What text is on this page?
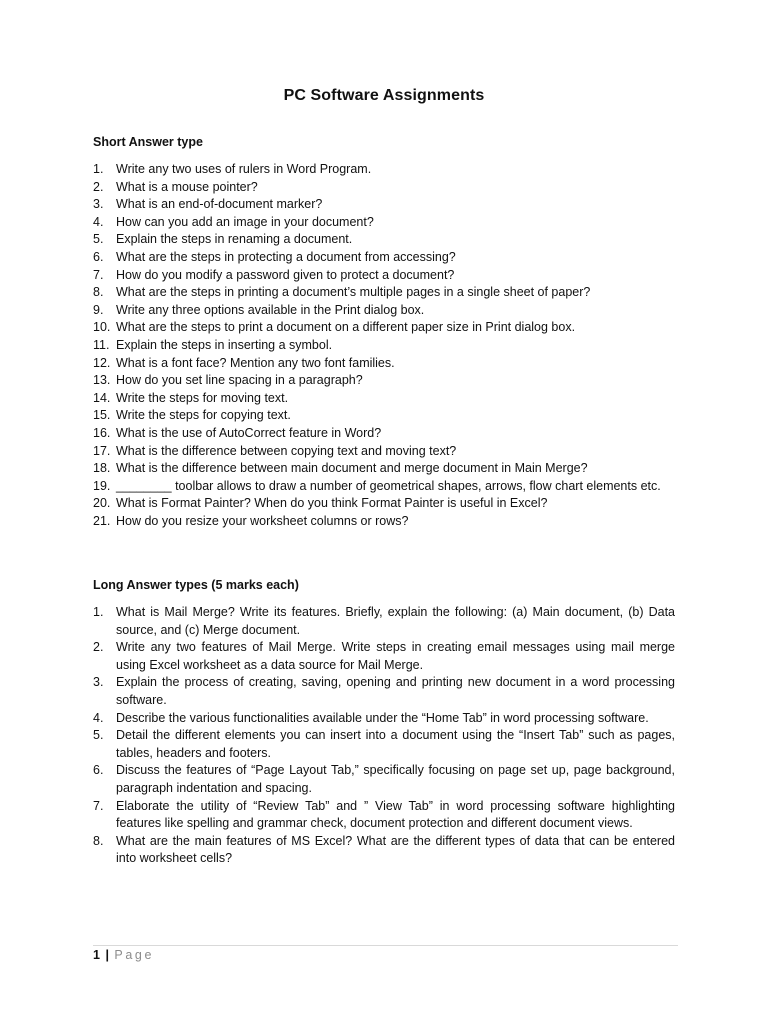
PC Software Assignments
Short Answer type
1.	Write any two uses of rulers in Word Program.
2.	What is a mouse pointer?
3.	What is an end-of-document marker?
4.	How can you add an image in your document?
5.	Explain the steps in renaming a document.
6.	What are the steps in protecting a document from accessing?
7.	How do you modify a password given to protect a document?
8.	What are the steps in printing a document’s multiple pages in a single sheet of paper?
9.	Write any three options available in the Print dialog box.
10. What are the steps to print a document on a different paper size in Print dialog box.
11. Explain the steps in inserting a symbol.
12. What is a font face? Mention any two font families.
13. How do you set line spacing in a paragraph?
14. Write the steps for moving text.
15. Write the steps for copying text.
16. What is the use of AutoCorrect feature in Word?
17. What is the difference between copying text and moving text?
18. What is the difference between main document and merge document in Main Merge?
19. ________ toolbar allows to draw a number of geometrical shapes, arrows, flow chart elements etc.
20. What is Format Painter? When do you think Format Painter is useful in Excel?
21. How do you resize your worksheet columns or rows?
Long Answer types (5 marks each)
1.	What is Mail Merge? Write its features. Briefly, explain the following: (a) Main document, (b) Data source, and (c) Merge document.
2.	Write any two features of Mail Merge. Write steps in creating email messages using mail merge using Excel worksheet as a data source for Mail Merge.
3.	Explain the process of creating, saving, opening and printing new document in a word processing software.
4.	Describe the various functionalities available under the “Home Tab” in word processing software.
5.	Detail the different elements you can insert into a document using the “Insert Tab” such as pages, tables, headers and footers.
6.	Discuss the features of “Page Layout Tab,” specifically focusing on page set up, page background, paragraph indentation and spacing.
7.	Elaborate the utility of “Review Tab” and ” View Tab” in word processing software highlighting features like spelling and grammar check, document protection and different document views.
8.	What are the main features of MS Excel? What are the different types of data that can be entered into worksheet cells?
1 | Page
